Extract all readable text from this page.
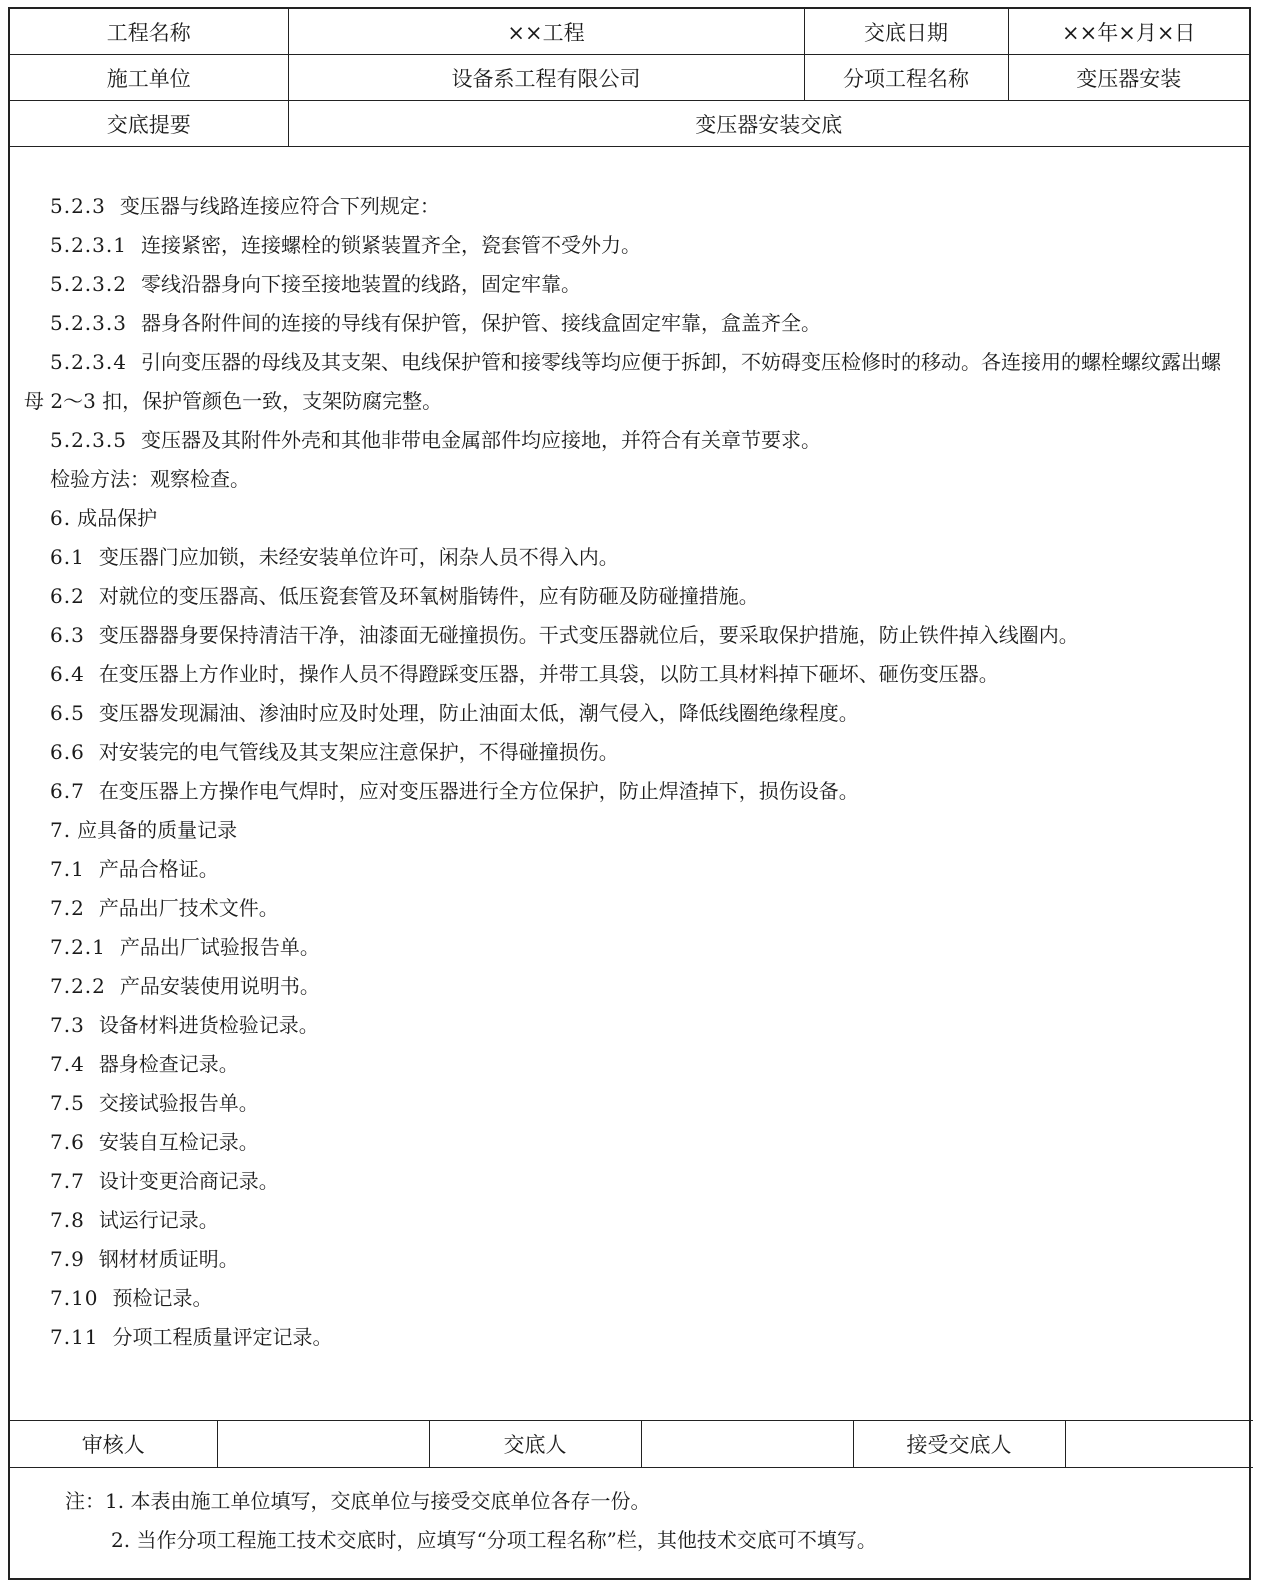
工程名称	××工程	交底日期	××年×月×日
施工单位	设备系工程有限公司	分项工程名称	变压器安装
交底提要	变压器安装交底		

5.2.3 变压器与线路连接应符合下列规定：

5.2.3.1 连接紧密，连接螺栓的锁紧装置齐全，瓷套管不受外力。

5.2.3.2 零线沿器身向下接至接地装置的线路，固定牢靠。

5.2.3.3 器身各附件间的连接的导线有保护管，保护管、接线盒固定牢靠，盒盖齐全。

5.2.3.4 引向变压器的母线及其支架、电线保护管和接零线等均应便于拆卸，不妨碍变压检修时的移动。各连接用的螺栓螺纹露出螺母 2～3 扣，保护管颜色一致，支架防腐完整。

5.2.3.5 变压器及其附件外壳和其他非带电金属部件均应接地，并符合有关章节要求。

检验方法：观察检查。

6. 成品保护

6.1 变压器门应加锁，未经安装单位许可，闲杂人员不得入内。

6.2 对就位的变压器高、低压瓷套管及环氧树脂铸件，应有防砸及防碰撞措施。

6.3 变压器器身要保持清洁干净，油漆面无碰撞损伤。干式变压器就位后，要采取保护措施，防止铁件掉入线圈内。

6.4 在变压器上方作业时，操作人员不得蹬踩变压器，并带工具袋，以防工具材料掉下砸坏、砸伤变压器。

6.5 变压器发现漏油、渗油时应及时处理，防止油面太低，潮气侵入，降低线圈绝缘程度。

6.6 对安装完的电气管线及其支架应注意保护，不得碰撞损伤。

6.7 在变压器上方操作电气焊时，应对变压器进行全方位保护，防止焊渣掉下，损伤设备。

7. 应具备的质量记录

7.1 产品合格证。

7.2 产品出厂技术文件。

7.2.1 产品出厂试验报告单。

7.2.2 产品安装使用说明书。

7.3 设备材料进货检验记录。

7.4 器身检查记录。

7.5 交接试验报告单。

7.6 安装自互检记录。

7.7 设计变更洽商记录。

7.8 试运行记录。

7.9 钢材材质证明。

7.10 预检记录。

7.11 分项工程质量评定记录。

审核人		交底人		接受交底人	

注：1. 本表由施工单位填写，交底单位与接受交底单位各存一份。

2. 当作分项工程施工技术交底时，应填写“分项工程名称”栏，其他技术交底可不填写。
